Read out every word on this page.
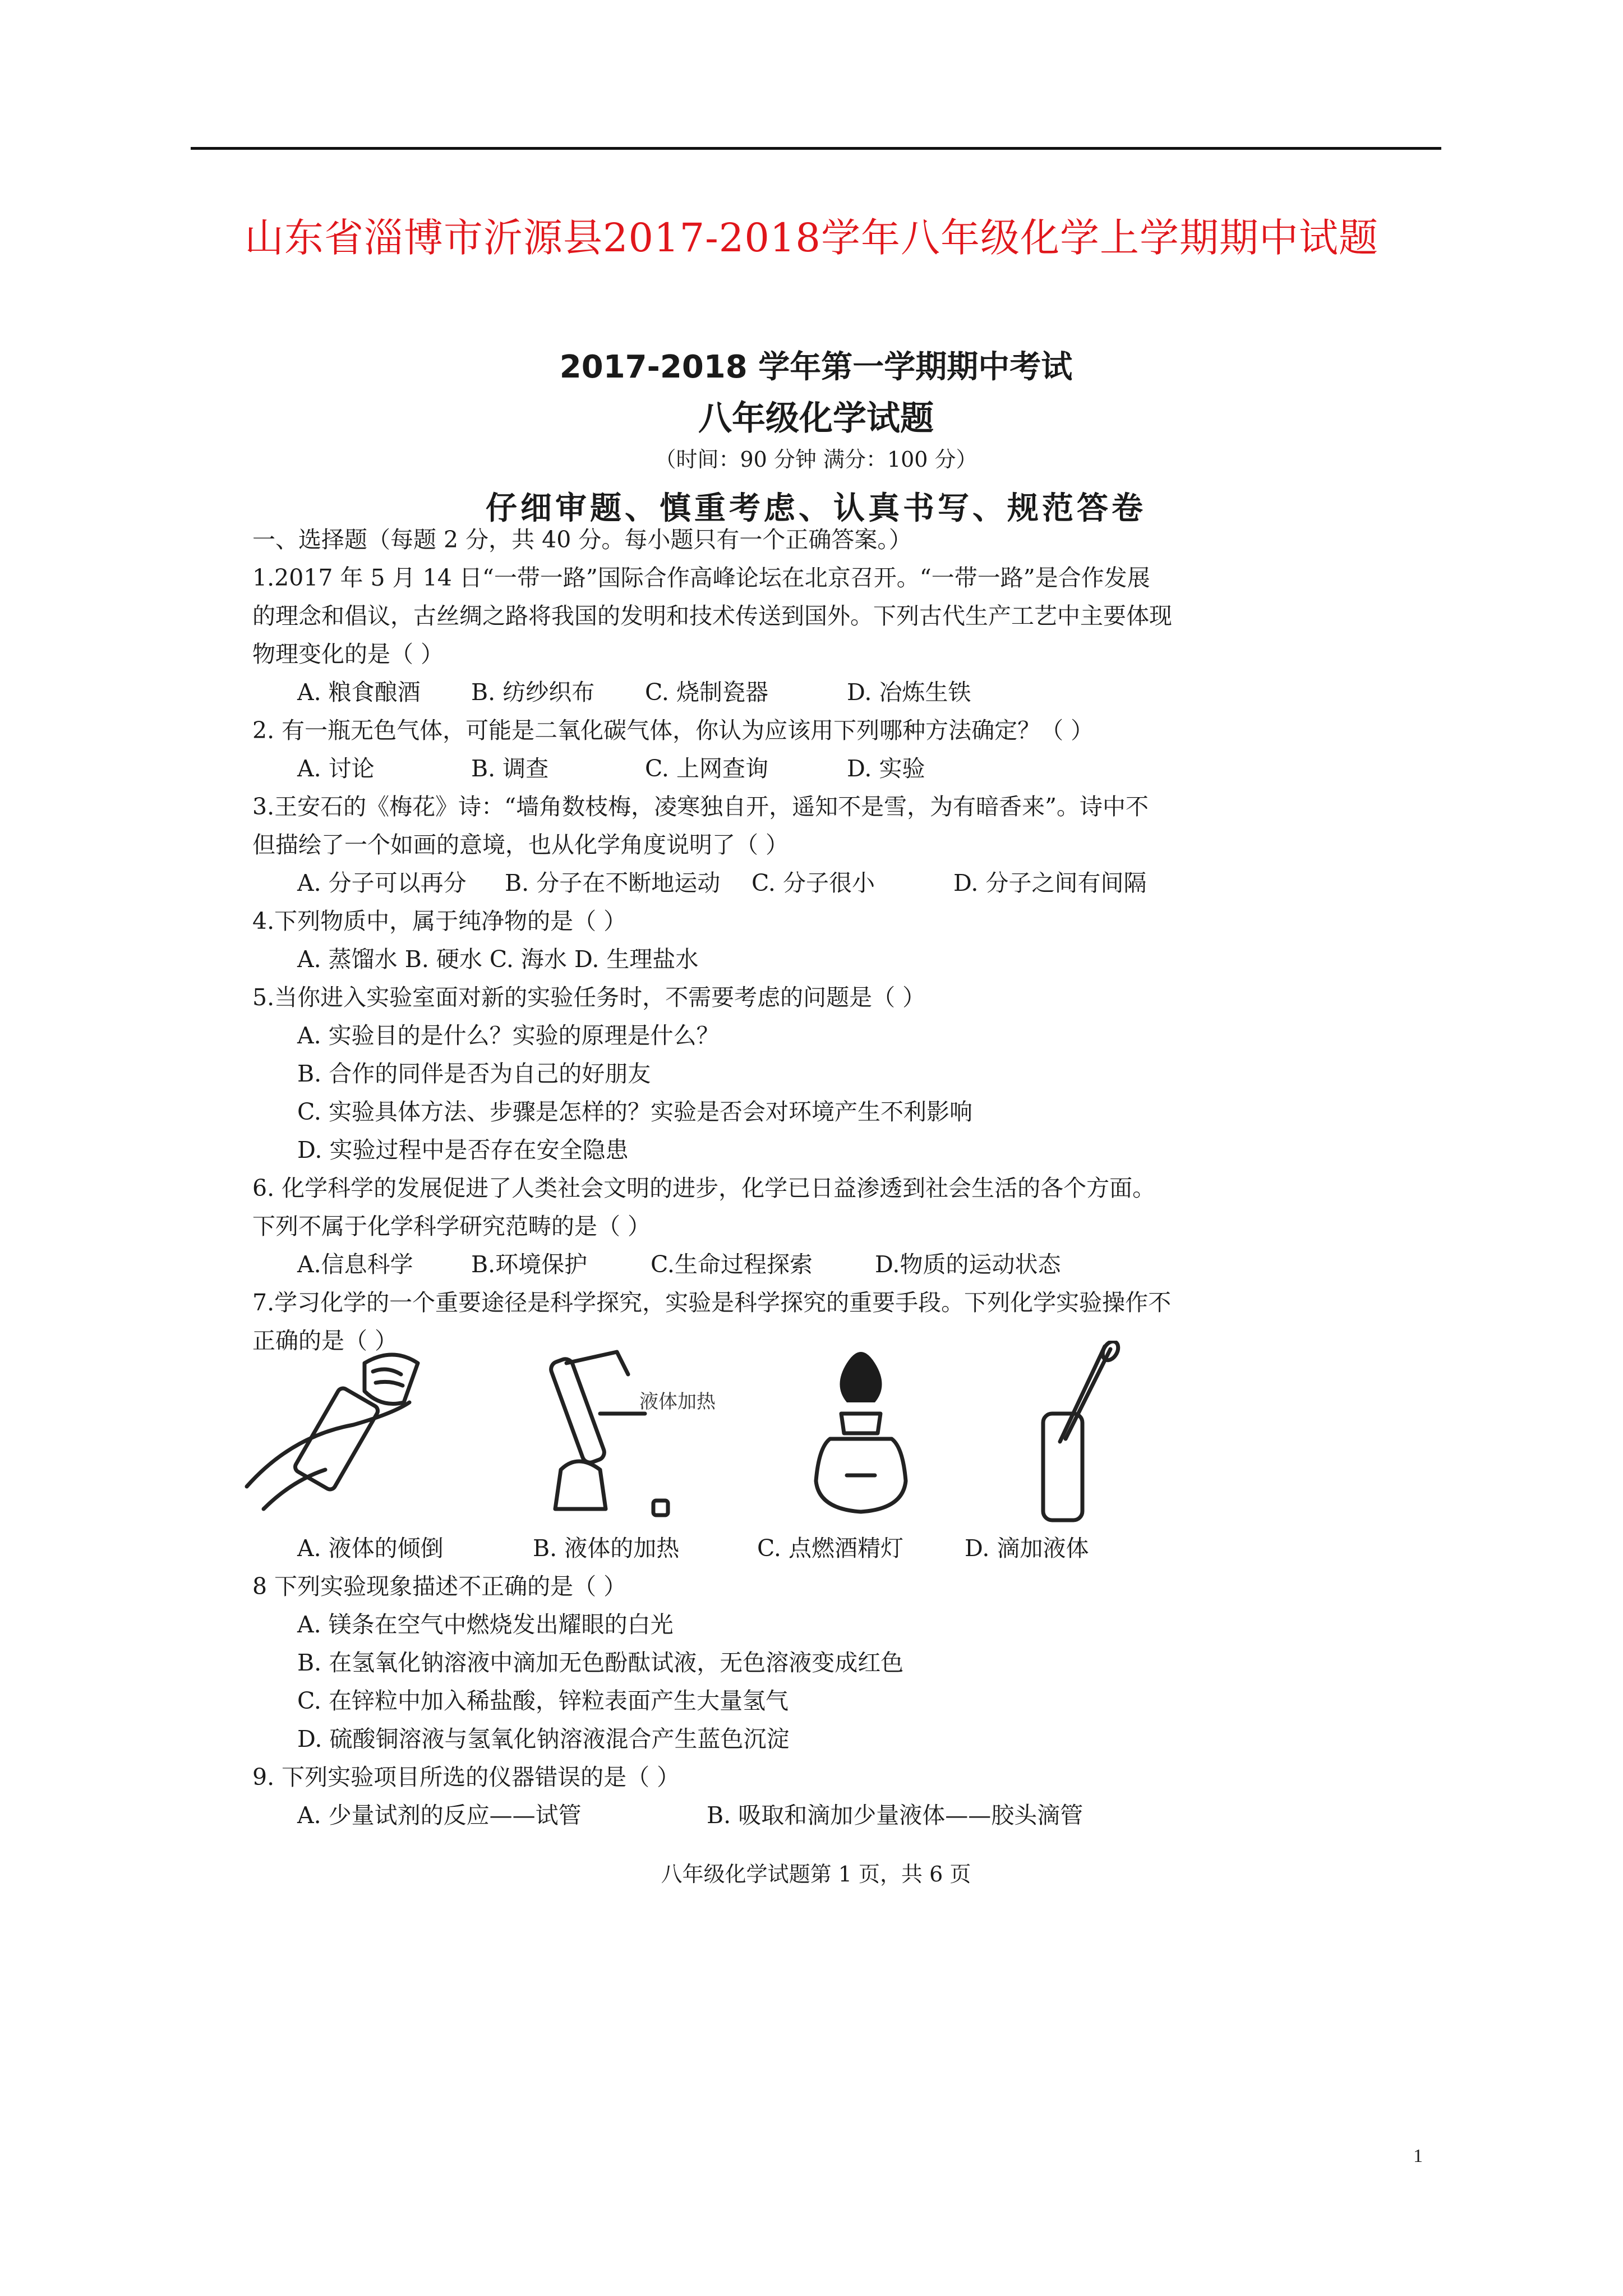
山东省淄博市沂源县2017-2018学年八年级化学上学期期中试题
2017-2018 学年第一学期期中考试
八年级化学试题
（时间：90 分钟 满分：100 分）
仔细审题、慎重考虑、认真书写、规范答卷
一、选择题（每题 2 分，共 40 分。每小题只有一个正确答案。）
1.2017 年 5 月 14 日“一带一路”国际合作高峰论坛在北京召开。“一带一路”是合作发展
的理念和倡议，古丝绸之路将我国的发明和技术传送到国外。下列古代生产工艺中主要体现
物理变化的是（ ）
A. 粮食酿酒 B. 纺纱织布 C. 烧制瓷器	D. 冶炼生铁
2. 有一瓶无色气体，可能是二氧化碳气体，你认为应该用下列哪种方法确定？（ ）
A. 讨论	B. 调查	C. 上网查询	D. 实验
3.王安石的《梅花》诗：“墙角数枝梅，凌寒独自开，遥知不是雪，为有暗香来”。诗中不
但描绘了一个如画的意境，也从化学角度说明了（ ）
A. 分子可以再分 B. 分子在不断地运动 C. 分子很小	D. 分子之间有间隔
4.下列物质中，属于纯净物的是（ ）
A. 蒸馏水 B. 硬水 C. 海水 D. 生理盐水
5.当你进入实验室面对新的实验任务时，不需要考虑的问题是（ ）
A. 实验目的是什么？实验的原理是什么？
B. 合作的同伴是否为自己的好朋友
C. 实验具体方法、步骤是怎样的？实验是否会对环境产生不利影响
D. 实验过程中是否存在安全隐患
6. 化学科学的发展促进了人类社会文明的进步，化学已日益渗透到社会生活的各个方面。
下列不属于化学科学研究范畴的是（ ）
A.信息科学	B.环境保护	C.生命过程探索	D.物质的运动状态
7.学习化学的一个重要途径是科学探究，实验是科学探究的重要手段。下列化学实验操作不
正确的是（ ）
液体加热
A. 液体的倾倒	B. 液体的加热	C. 点燃酒精灯	D. 滴加液体
8 下列实验现象描述不正确的是（ ）
A. 镁条在空气中燃烧发出耀眼的白光
B. 在氢氧化钠溶液中滴加无色酚酞试液，无色溶液变成红色
C. 在锌粒中加入稀盐酸，锌粒表面产生大量氢气
D. 硫酸铜溶液与氢氧化钠溶液混合产生蓝色沉淀
9. 下列实验项目所选的仪器错误的是（ ）
A. 少量试剂的反应——试管	B. 吸取和滴加少量液体——胶头滴管
八年级化学试题第 1 页，共 6 页
1
